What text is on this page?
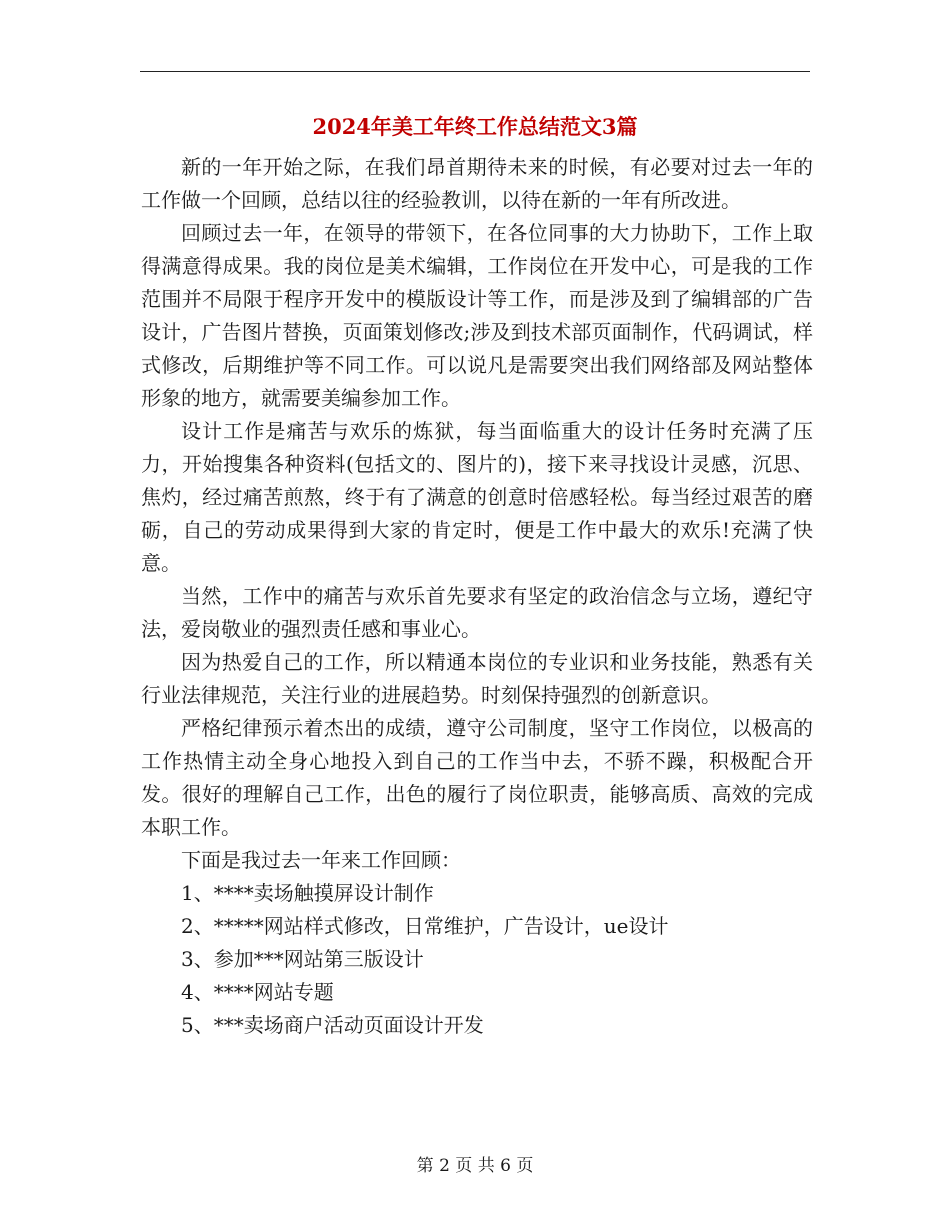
2024年美工年终工作总结范文3篇

新的一年开始之际，在我们昂首期待未来的时候，有必要对过去一年的工作做一个回顾，总结以往的经验教训，以待在新的一年有所改进。

回顾过去一年，在领导的带领下，在各位同事的大力协助下，工作上取得满意得成果。我的岗位是美术编辑，工作岗位在开发中心，可是我的工作范围并不局限于程序开发中的模版设计等工作，而是涉及到了编辑部的广告设计，广告图片替换，页面策划修改;涉及到技术部页面制作，代码调试，样式修改，后期维护等不同工作。可以说凡是需要突出我们网络部及网站整体形象的地方，就需要美编参加工作。

设计工作是痛苦与欢乐的炼狱，每当面临重大的设计任务时充满了压力，开始搜集各种资料(包括文的、图片的)，接下来寻找设计灵感，沉思、焦灼，经过痛苦煎熬，终于有了满意的创意时倍感轻松。每当经过艰苦的磨砺，自己的劳动成果得到大家的肯定时，便是工作中最大的欢乐!充满了快意。

当然，工作中的痛苦与欢乐首先要求有坚定的政治信念与立场，遵纪守法，爱岗敬业的强烈责任感和事业心。

因为热爱自己的工作，所以精通本岗位的专业识和业务技能，熟悉有关行业法律规范，关注行业的进展趋势。时刻保持强烈的创新意识。

严格纪律预示着杰出的成绩，遵守公司制度，坚守工作岗位，以极高的工作热情主动全身心地投入到自己的工作当中去，不骄不躁，积极配合开发。很好的理解自己工作，出色的履行了岗位职责，能够高质、高效的完成本职工作。

下面是我过去一年来工作回顾：

1、****卖场触摸屏设计制作

2、*****网站样式修改，日常维护，广告设计，ue设计

3、参加***网站第三版设计

4、****网站专题

5、***卖场商户活动页面设计开发

第 2 页 共 6 页
